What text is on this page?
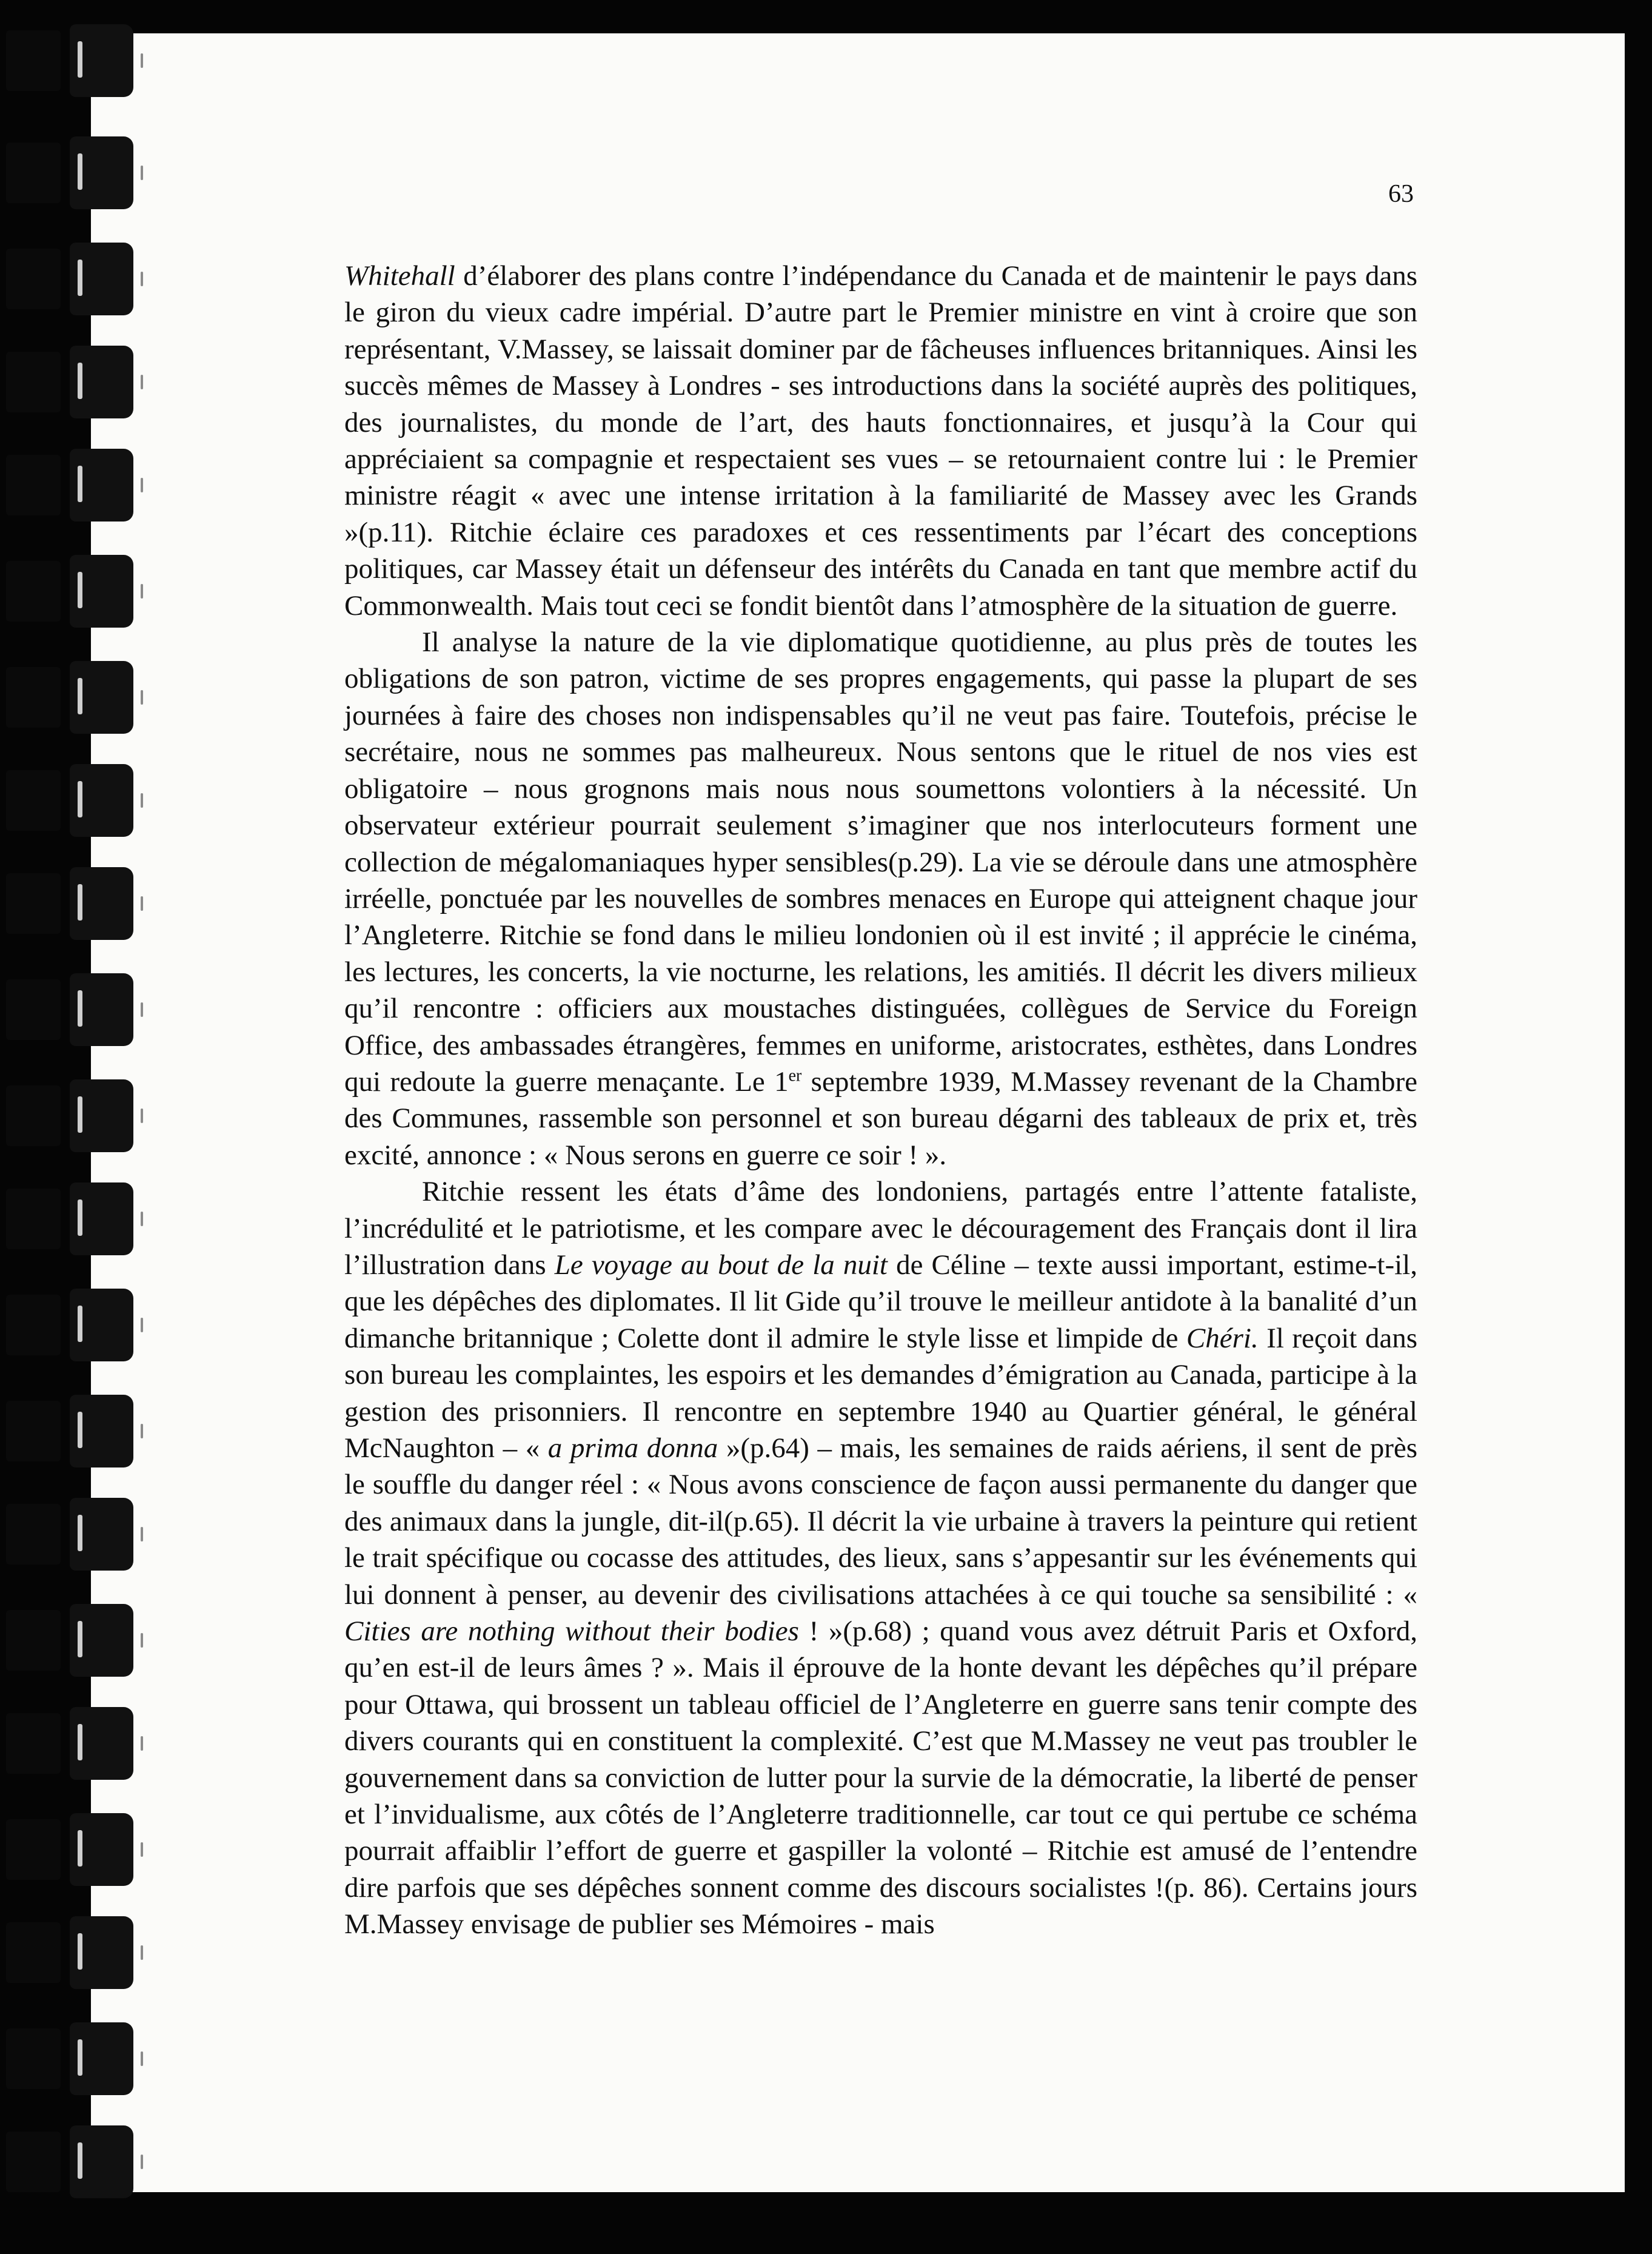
63

Whitehall d’élaborer des plans contre l’indépendance du Canada et de maintenir le pays dans le giron du vieux cadre impérial. D’autre part le Premier ministre en vint à croire que son représentant, V.Massey, se laissait dominer par de fâcheuses influences britanniques. Ainsi les succès mêmes de Massey à Londres - ses introductions dans la société auprès des politiques, des journalistes, du monde de l’art, des hauts fonctionnaires, et jusqu’à la Cour qui appréciaient sa compagnie et respectaient ses vues – se retournaient contre lui : le Premier ministre réagit « avec une intense irritation à la familiarité de Massey avec les Grands »(p.11). Ritchie éclaire ces paradoxes et ces ressentiments par l’écart des conceptions politiques, car Massey était un défenseur des intérêts du Canada en tant que membre actif du Commonwealth. Mais tout ceci se fondit bientôt dans l’atmosphère de la situation de guerre.

Il analyse la nature de la vie diplomatique quotidienne, au plus près de toutes les obligations de son patron, victime de ses propres engagements, qui passe la plupart de ses journées à faire des choses non indispensables qu’il ne veut pas faire. Toutefois, précise le secrétaire, nous ne sommes pas malheureux. Nous sentons que le rituel de nos vies est obligatoire – nous grognons mais nous nous soumettons volontiers à la nécessité. Un observateur extérieur pourrait seulement s’imaginer que nos interlocuteurs forment une collection de mégalomaniaques hyper sensibles(p.29). La vie se déroule dans une atmosphère irréelle, ponctuée par les nouvelles de sombres menaces en Europe qui atteignent chaque jour l’Angleterre. Ritchie se fond dans le milieu londonien où il est invité ; il apprécie le cinéma, les lectures, les concerts, la vie nocturne, les relations, les amitiés. Il décrit les divers milieux qu’il rencontre : officiers aux moustaches distinguées, collègues de Service du Foreign Office, des ambassades étrangères, femmes en uniforme, aristocrates, esthètes, dans Londres qui redoute la guerre menaçante. Le 1er septembre 1939, M.Massey revenant de la Chambre des Communes, rassemble son personnel et son bureau dégarni des tableaux de prix et, très excité, annonce : « Nous serons en guerre ce soir ! ».

Ritchie ressent les états d’âme des londoniens, partagés entre l’attente fataliste, l’incrédulité et le patriotisme, et les compare avec le découragement des Français dont il lira l’illustration dans Le voyage au bout de la nuit de Céline – texte aussi important, estime-t-il, que les dépêches des diplomates. Il lit Gide qu’il trouve le meilleur antidote à la banalité d’un dimanche britannique ; Colette dont il admire le style lisse et limpide de Chéri. Il reçoit dans son bureau les complaintes, les espoirs et les demandes d’émigration au Canada, participe à la gestion des prisonniers. Il rencontre en septembre 1940 au Quartier général, le général McNaughton – « a prima donna »(p.64) – mais, les semaines de raids aériens, il sent de près le souffle du danger réel : « Nous avons conscience de façon aussi permanente du danger que des animaux dans la jungle, dit-il(p.65). Il décrit la vie urbaine à travers la peinture qui retient le trait spécifique ou cocasse des attitudes, des lieux, sans s’appesantir sur les événements qui lui donnent à penser, au devenir des civilisations attachées à ce qui touche sa sensibilité : « Cities are nothing without their bodies ! »(p.68) ; quand vous avez détruit Paris et Oxford, qu’en est-il de leurs âmes ? ». Mais il éprouve de la honte devant les dépêches qu’il prépare pour Ottawa, qui brossent un tableau officiel de l’Angleterre en guerre sans tenir compte des divers courants qui en constituent la complexité. C’est que M.Massey ne veut pas troubler le gouvernement dans sa conviction de lutter pour la survie de la démocratie, la liberté de penser et l’invidualisme, aux côtés de l’Angleterre traditionnelle, car tout ce qui pertube ce schéma pourrait affaiblir l’effort de guerre et gaspiller la volonté – Ritchie est amusé de l’entendre dire parfois que ses dépêches sonnent comme des discours socialistes !(p. 86). Certains jours M.Massey envisage de publier ses Mémoires - mais
